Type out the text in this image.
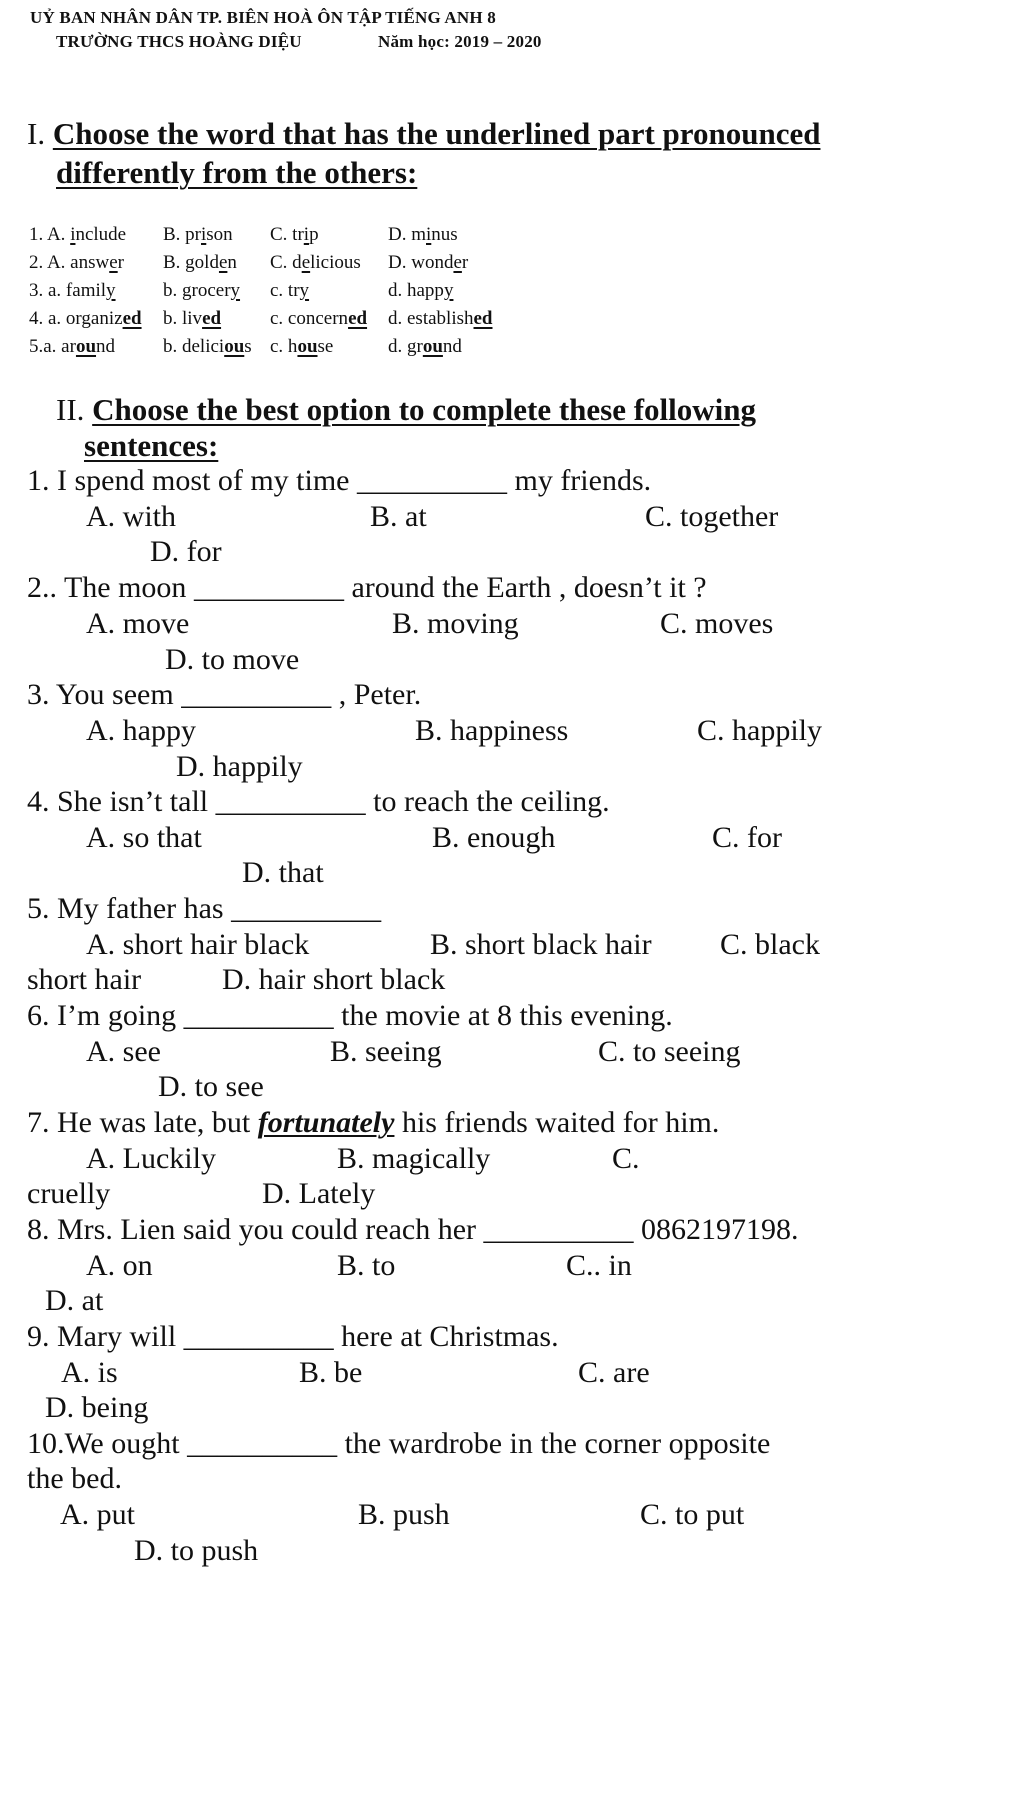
UỶ BAN NHÂN DÂN TP. BIÊN HOÀ ÔN TẬP TIẾNG ANH 8
TRƯỜNG THCS HOÀNG DIỆU	Năm học: 2019 – 2020
I. Choose the word that has the underlined part pronounced
differently from the others:
1. A. include B. prison C. trip	D. minus
2. A. answer B. golden C. delicious D. wonder
3. a. family b. grocery c. try	d. happy
4. a. organized b. lived	c. concerned d. established
5.a. around	b. delicious c. house	d. ground
II. Choose the best option to complete these following
sentences:
1. I spend most of my time __________ my friends.
A. with	B. at	C. together
D. for
2.. The moon __________ around the Earth , doesn’t it ?
A. move	B. moving	C. moves
D. to move
3. You seem __________ , Peter.
A. happy	B. happiness	C. happily
D. happily
4. She isn’t tall __________ to reach the ceiling.
A. so that	B. enough	C. for
D. that
5. My father has __________
A. short hair black	B. short black hair C. black
short hair	D. hair short black
6. I’m going __________ the movie at 8 this evening.
A. see	B. seeing	C. to seeing
D. to see
7. He was late, but fortunately his friends waited for him.
A. Luckily	B. magically	C.
cruelly	D. Lately
8. Mrs. Lien said you could reach her __________ 0862197198.
A. on	B. to	C.. in
D. at
9. Mary will __________ here at Christmas.
A. is	B. be	C. are
D. being
10.We ought __________ the wardrobe in the corner opposite
the bed.
A. put	B. push	C. to put
D. to push
